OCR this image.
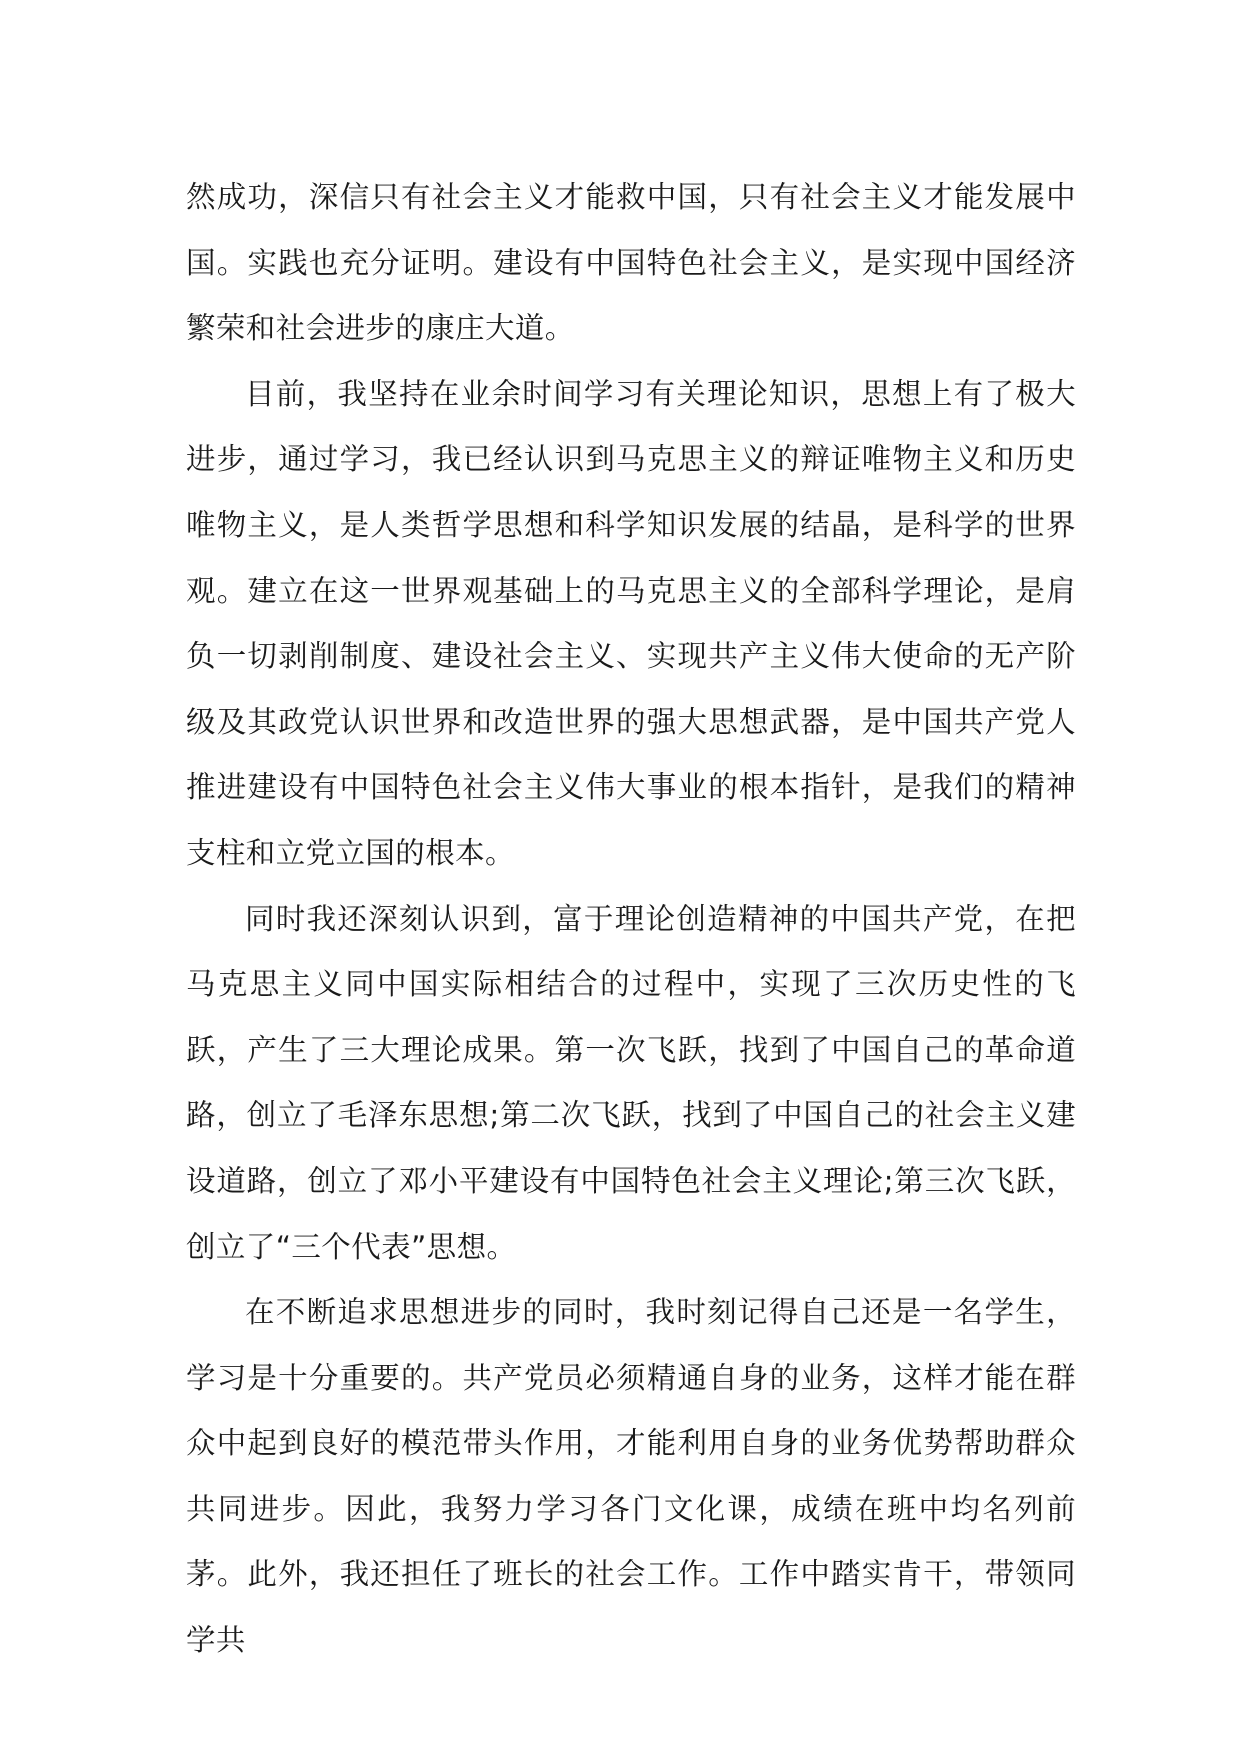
然成功，深信只有社会主义才能救中国，只有社会主义才能发展中国。实践也充分证明。建设有中国特色社会主义，是实现中国经济繁荣和社会进步的康庄大道。

目前，我坚持在业余时间学习有关理论知识，思想上有了极大进步，通过学习，我已经认识到马克思主义的辩证唯物主义和历史唯物主义，是人类哲学思想和科学知识发展的结晶，是科学的世界观。建立在这一世界观基础上的马克思主义的全部科学理论，是肩负一切剥削制度、建设社会主义、实现共产主义伟大使命的无产阶级及其政党认识世界和改造世界的强大思想武器，是中国共产党人推进建设有中国特色社会主义伟大事业的根本指针，是我们的精神支柱和立党立国的根本。

同时我还深刻认识到，富于理论创造精神的中国共产党，在把马克思主义同中国实际相结合的过程中，实现了三次历史性的飞跃，产生了三大理论成果。第一次飞跃，找到了中国自己的革命道路，创立了毛泽东思想;第二次飞跃，找到了中国自己的社会主义建设道路，创立了邓小平建设有中国特色社会主义理论;第三次飞跃，创立了“三个代表”思想。

在不断追求思想进步的同时，我时刻记得自己还是一名学生，学习是十分重要的。共产党员必须精通自身的业务，这样才能在群众中起到良好的模范带头作用，才能利用自身的业务优势帮助群众共同进步。因此，我努力学习各门文化课，成绩在班中均名列前茅。此外，我还担任了班长的社会工作。工作中踏实肯干，带领同学共
